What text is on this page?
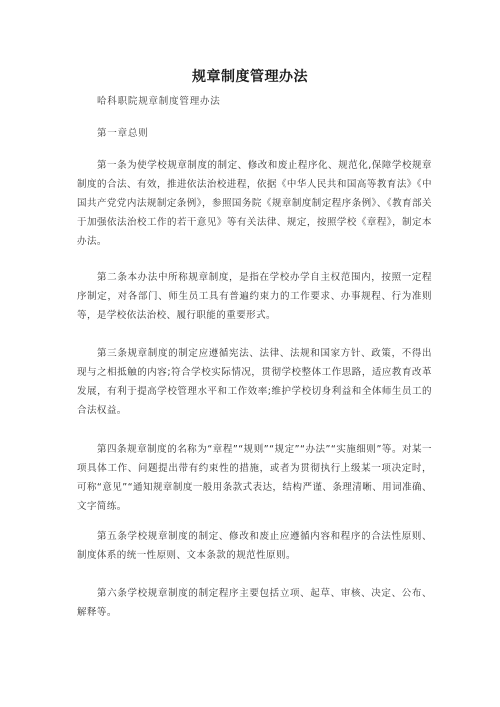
规章制度管理办法
哈科职院规章制度管理办法
第一章总则

第一条为使学校规章制度的制定、修改和废止程序化、规范化,保障学校规章制度的合法、有效，推进依法治校进程，依据《中华人民共和国高等教育法》《中国共产党党内法规制定条例》，参照国务院《规章制度制定程序条例》、《教育部关于加强依法治校工作的若干意见》等有关法律、规定，按照学校《章程》，制定本办法。

第二条本办法中所称规章制度，是指在学校办学自主权范围内，按照一定程序制定，对各部门、师生员工具有普遍约束力的工作要求、办事规程、行为准则等，是学校依法治校、履行职能的重要形式。

第三条规章制度的制定应遵循宪法、法律、法规和国家方针、政策，不得出现与之相抵触的内容;符合学校实际情况，贯彻学校整体工作思路，适应教育改革发展，有利于提高学校管理水平和工作效率;维护学校切身利益和全体师生员工的合法权益。

第四条规章制度的名称为“章程”“规则”“规定”“办法”“实施细则”等。对某一项具体工作、问题提出带有约束性的措施，或者为贯彻执行上级某一项决定时，可称“意见”“通知规章制度一般用条款式表达，结构严谨、条理清晰、用词准确、文字简练。

第五条学校规章制度的制定、修改和废止应遵循内容和程序的合法性原则、制度体系的统一性原则、文本条款的规范性原则。

第六条学校规章制度的制定程序主要包括立项、起草、审核、决定、公布、解释等。
